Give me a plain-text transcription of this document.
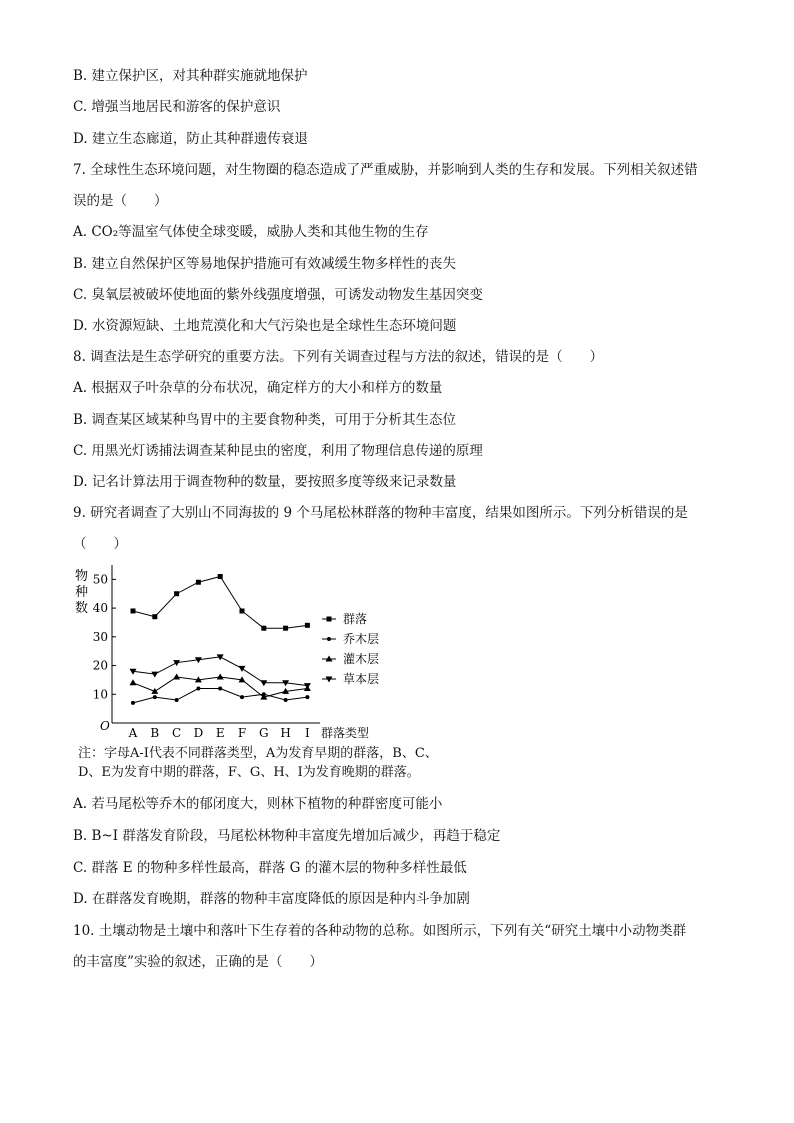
B. 建立保护区，对其种群实施就地保护
C. 增强当地居民和游客的保护意识
D. 建立生态廊道，防止其种群遗传衰退
7. 全球性生态环境问题，对生物圈的稳态造成了严重威胁，并影响到人类的生存和发展。下列相关叙述错
误的是（　　）
A. CO₂等温室气体使全球变暖，威胁人类和其他生物的生存
B. 建立自然保护区等易地保护措施可有效减缓生物多样性的丧失
C. 臭氧层被破坏使地面的紫外线强度增强，可诱发动物发生基因突变
D. 水资源短缺、土地荒漠化和大气污染也是全球性生态环境问题
8. 调查法是生态学研究的重要方法。下列有关调查过程与方法的叙述，错误的是（　　）
A. 根据双子叶杂草的分布状况，确定样方的大小和样方的数量
B. 调查某区域某种鸟胃中的主要食物种类，可用于分析其生态位
C. 用黑光灯诱捕法调查某种昆虫的密度，利用了物理信息传递的原理
D. 记名计算法用于调查物种的数量，要按照多度等级来记录数量
9. 研究者调查了大别山不同海拔的 9 个马尾松林群落的物种丰富度，结果如图所示。下列分析错误的是
（　　）
物
种
数
O	群落类型
10
20
30
40
50
A B C D E F G H I
群落
乔木层
灌木层
草本层
注：字母A-I代表不同群落类型，A为发育早期的群落，B、C、
D、E为发育中期的群落，F、G、H、I为发育晚期的群落。
A. 若马尾松等乔木的郁闭度大，则林下植物的种群密度可能小
B. B~I 群落发育阶段，马尾松林物种丰富度先增加后减少，再趋于稳定
C. 群落 E 的物种多样性最高，群落 G 的灌木层的物种多样性最低
D. 在群落发育晚期，群落的物种丰富度降低的原因是种内斗争加剧
10. 土壤动物是土壤中和落叶下生存着的各种动物的总称。如图所示，下列有关“研究土壤中小动物类群
的丰富度”实验的叙述，正确的是（　　）
